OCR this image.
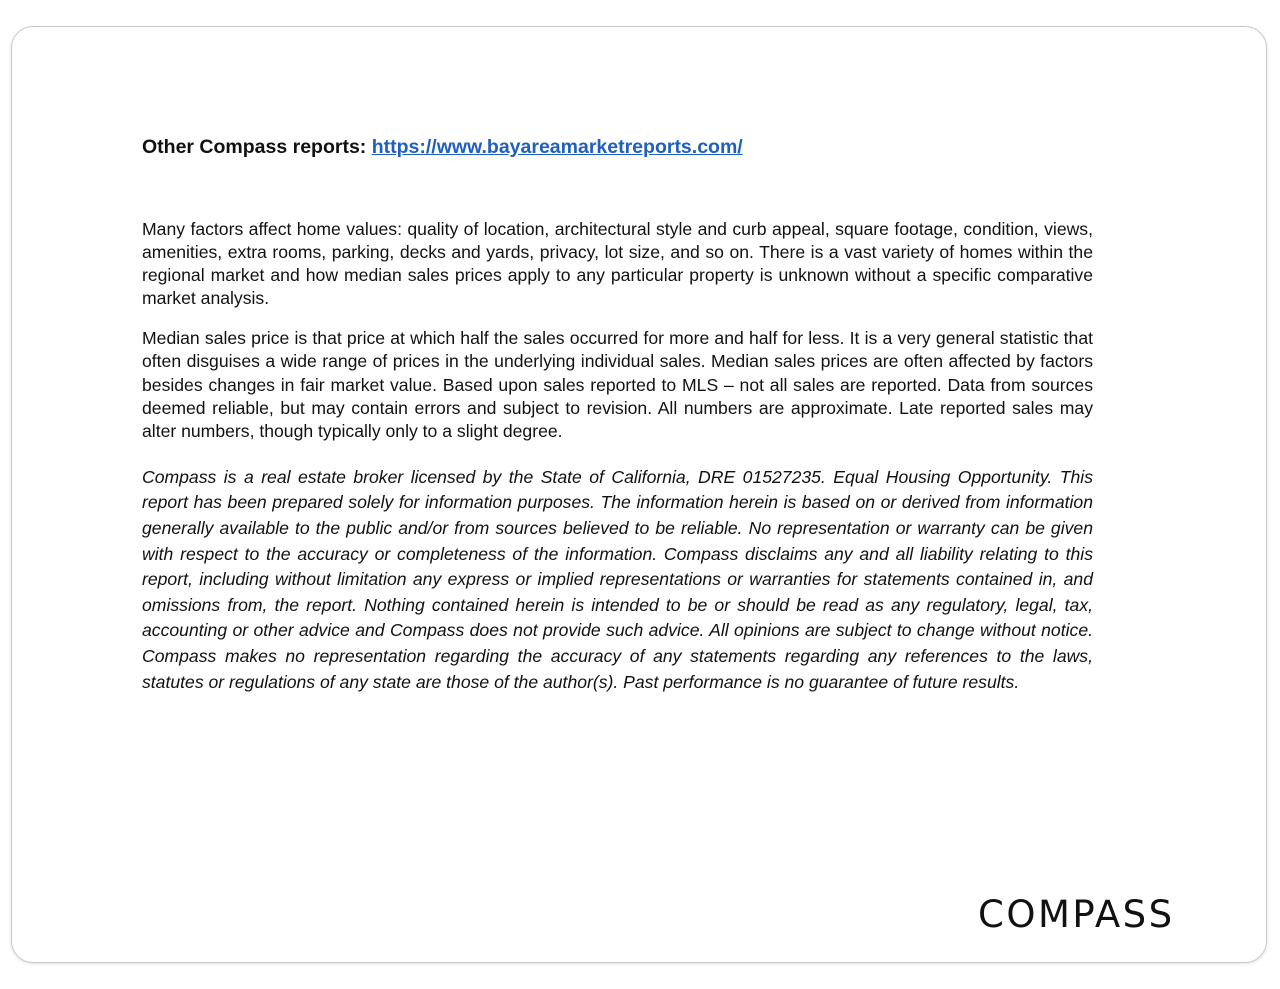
Other Compass reports: https://www.bayareamarketreports.com/

Many factors affect home values: quality of location, architectural style and curb appeal, square footage, condition, views, amenities, extra rooms, parking, decks and yards, privacy, lot size, and so on. There is a vast variety of homes within the regional market and how median sales prices apply to any particular property is unknown without a specific comparative market analysis.

Median sales price is that price at which half the sales occurred for more and half for less. It is a very general statistic that often disguises a wide range of prices in the underlying individual sales. Median sales prices are often affected by factors besides changes in fair market value. Based upon sales reported to MLS – not all sales are reported. Data from sources deemed reliable, but may contain errors and subject to revision. All numbers are approximate. Late reported sales may alter numbers, though typically only to a slight degree.

Compass is a real estate broker licensed by the State of California, DRE 01527235. Equal Housing Opportunity. This report has been prepared solely for information purposes. The information herein is based on or derived from information generally available to the public and/or from sources believed to be reliable. No representation or warranty can be given with respect to the accuracy or completeness of the information. Compass disclaims any and all liability relating to this report, including without limitation any express or implied representations or warranties for statements contained in, and omissions from, the report. Nothing contained herein is intended to be or should be read as any regulatory, legal, tax, accounting or other advice and Compass does not provide such advice. All opinions are subject to change without notice. Compass makes no representation regarding the accuracy of any statements regarding any references to the laws, statutes or regulations of any state are those of the author(s). Past performance is no guarantee of future results.

COMPASS
